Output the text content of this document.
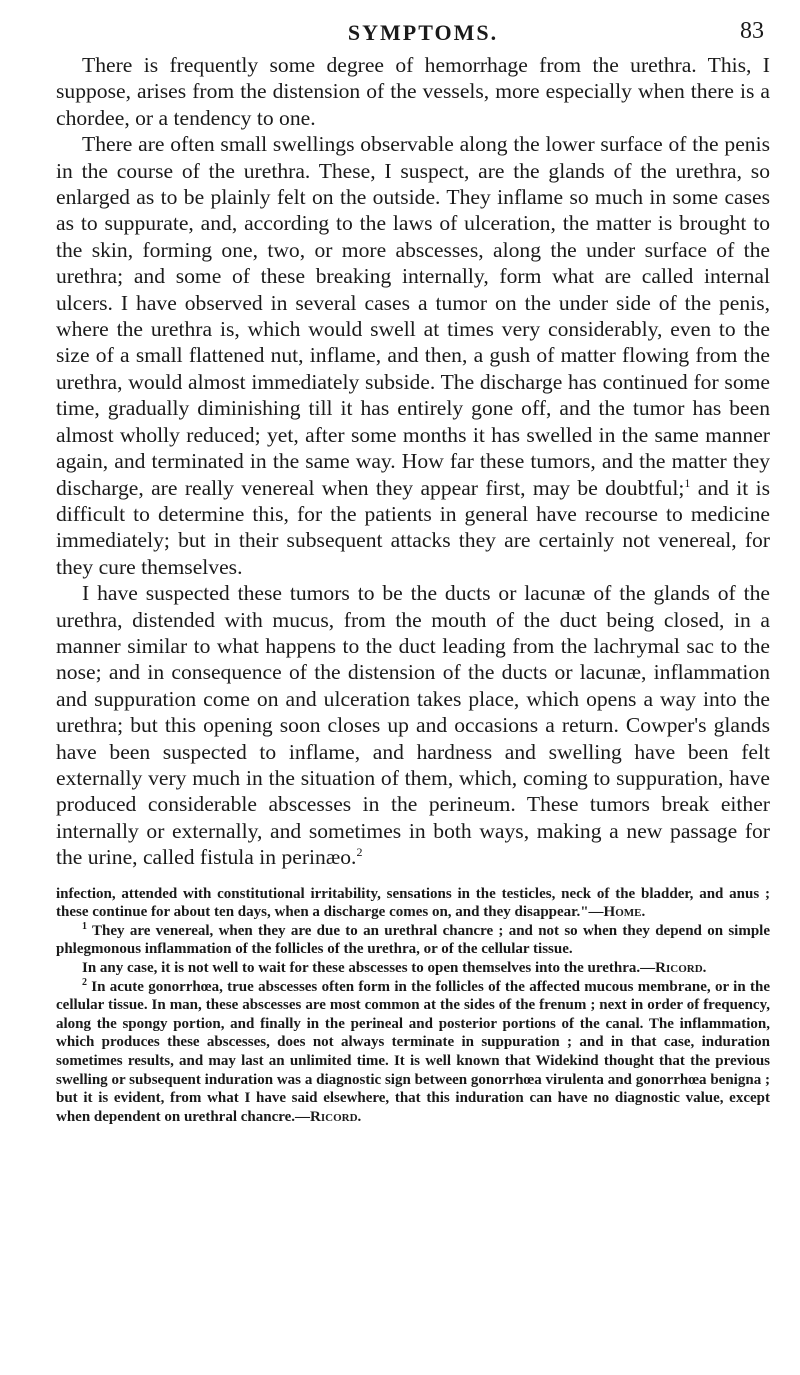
SYMPTOMS.	83

There is frequently some degree of hemorrhage from the urethra. This, I suppose, arises from the distension of the vessels, more especially when there is a chordee, or a tendency to one.

There are often small swellings observable along the lower surface of the penis in the course of the urethra. These, I suspect, are the glands of the urethra, so enlarged as to be plainly felt on the outside. They inflame so much in some cases as to suppurate, and, according to the laws of ulceration, the matter is brought to the skin, forming one, two, or more abscesses, along the under surface of the urethra; and some of these breaking internally, form what are called internal ulcers. I have observed in several cases a tumor on the under side of the penis, where the urethra is, which would swell at times very considerably, even to the size of a small flattened nut, inflame, and then, a gush of matter flowing from the urethra, would almost immediately subside. The discharge has continued for some time, gradually diminishing till it has entirely gone off, and the tumor has been almost wholly reduced; yet, after some months it has swelled in the same manner again, and terminated in the same way. How far these tumors, and the matter they discharge, are really venereal when they appear first, may be doubtful;$^1$ and it is difficult to determine this, for the patients in general have recourse to medicine immediately; but in their subsequent attacks they are certainly not venereal, for they cure themselves.

I have suspected these tumors to be the ducts or lacunæ of the glands of the urethra, distended with mucus, from the mouth of the duct being closed, in a manner similar to what happens to the duct leading from the lachrymal sac to the nose; and in consequence of the distension of the ducts or lacunæ, inflammation and suppuration come on and ulceration takes place, which opens a way into the urethra; but this opening soon closes up and occasions a return. Cowper's glands have been suspected to inflame, and hardness and swelling have been felt externally very much in the situation of them, which, coming to suppuration, have produced considerable abscesses in the perineum. These tumors break either internally or externally, and sometimes in both ways, making a new passage for the urine, called fistula in perinæo.$^2$

infection, attended with constitutional irritability, sensations in the testicles, neck of the bladder, and anus ; these continue for about ten days, when a discharge comes on, and they disappear."—Home.

$^1$ They are venereal, when they are due to an urethral chancre ; and not so when they depend on simple phlegmonous inflammation of the follicles of the urethra, or of the cellular tissue.

In any case, it is not well to wait for these abscesses to open themselves into the urethra.—Ricord.

$^2$ In acute gonorrhœa, true abscesses often form in the follicles of the affected mucous membrane, or in the cellular tissue. In man, these abscesses are most common at the sides of the frenum ; next in order of frequency, along the spongy portion, and finally in the perineal and posterior portions of the canal. The inflammation, which produces these abscesses, does not always terminate in suppuration ; and in that case, induration sometimes results, and may last an unlimited time. It is well known that Widekind thought that the previous swelling or subsequent induration was a diagnostic sign between gonorrhœa virulenta and gonorrhœa benigna ; but it is evident, from what I have said elsewhere, that this induration can have no diagnostic value, except when dependent on urethral chancre.—Ricord.
